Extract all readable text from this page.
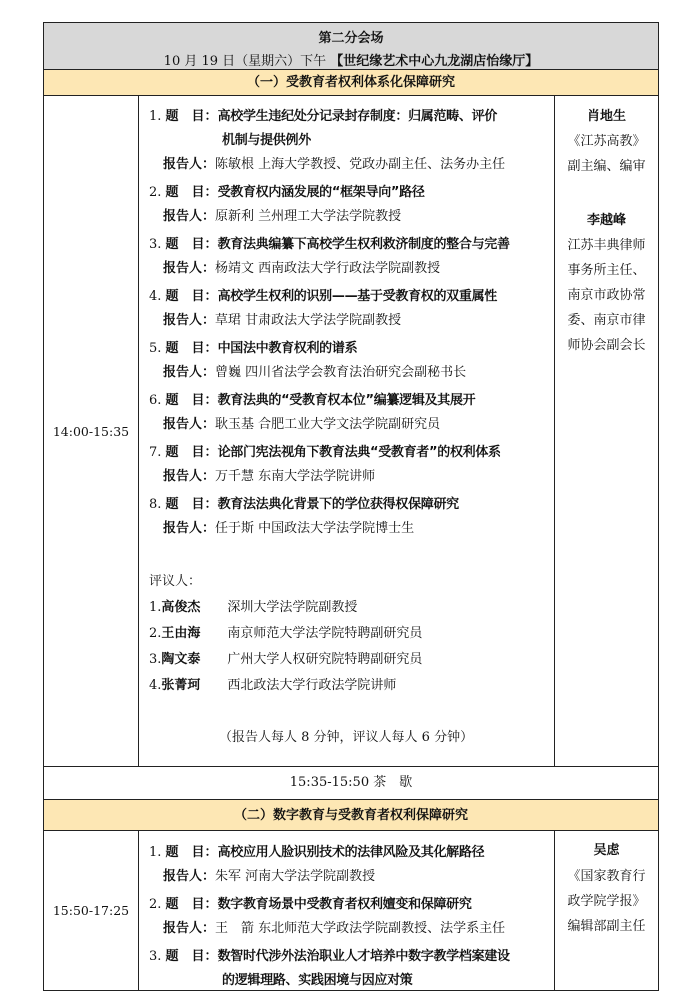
第二分会场
10 月 19 日（星期六）下午 【世纪缘艺术中心九龙湖店怡缘厅】
（一）受教育者权利体系化保障研究
14:00-15:35
1. 题　目：高校学生违纪处分记录封存制度：归属范畴、评价
机制与提供例外
报告人：陈敏根 上海大学教授、党政办副主任、法务办主任
2. 题　目：受教育权内涵发展的“框架导向”路径
报告人：原新利 兰州理工大学法学院教授
3. 题　目：教育法典编纂下高校学生权利救济制度的整合与完善
报告人：杨靖文 西南政法大学行政法学院副教授
4. 题　目：高校学生权利的识别——基于受教育权的双重属性
报告人：草珺 甘肃政法大学法学院副教授
5. 题　目：中国法中教育权利的谱系
报告人：曾巍 四川省法学会教育法治研究会副秘书长
6. 题　目：教育法典的“受教育权本位”编纂逻辑及其展开
报告人：耿玉基 合肥工业大学文法学院副研究员
7. 题　目：论部门宪法视角下教育法典“受教育者”的权利体系
报告人：万千慧 东南大学法学院讲师
8. 题　目：教育法法典化背景下的学位获得权保障研究
报告人：任于斯 中国政法大学法学院博士生
评议人：
1.高俊杰 深圳大学法学院副教授
2.王由海 南京师范大学法学院特聘副研究员
3.陶文泰 广州大学人权研究院特聘副研究员
4.张菁珂 西北政法大学行政法学院讲师
（报告人每人 8 分钟，评议人每人 6 分钟）
肖地生
《江苏高教》
副主编、编审
李越峰
江苏丰典律师
事务所主任、
南京市政协常
委、南京市律
师协会副会长
15:35-15:50 茶　歇
（二）数字教育与受教育者权利保障研究
15:50-17:25
1. 题　目：高校应用人脸识别技术的法律风险及其化解路径
报告人：朱军 河南大学法学院副教授
2. 题　目：数字教育场景中受教育者权利嬗变和保障研究
报告人：王　箭 东北师范大学政法学院副教授、法学系主任
3. 题　目：数智时代涉外法治职业人才培养中数字教学档案建设
的逻辑理路、实践困境与因应对策
吴虑
《国家教育行
政学院学报》
编辑部副主任
